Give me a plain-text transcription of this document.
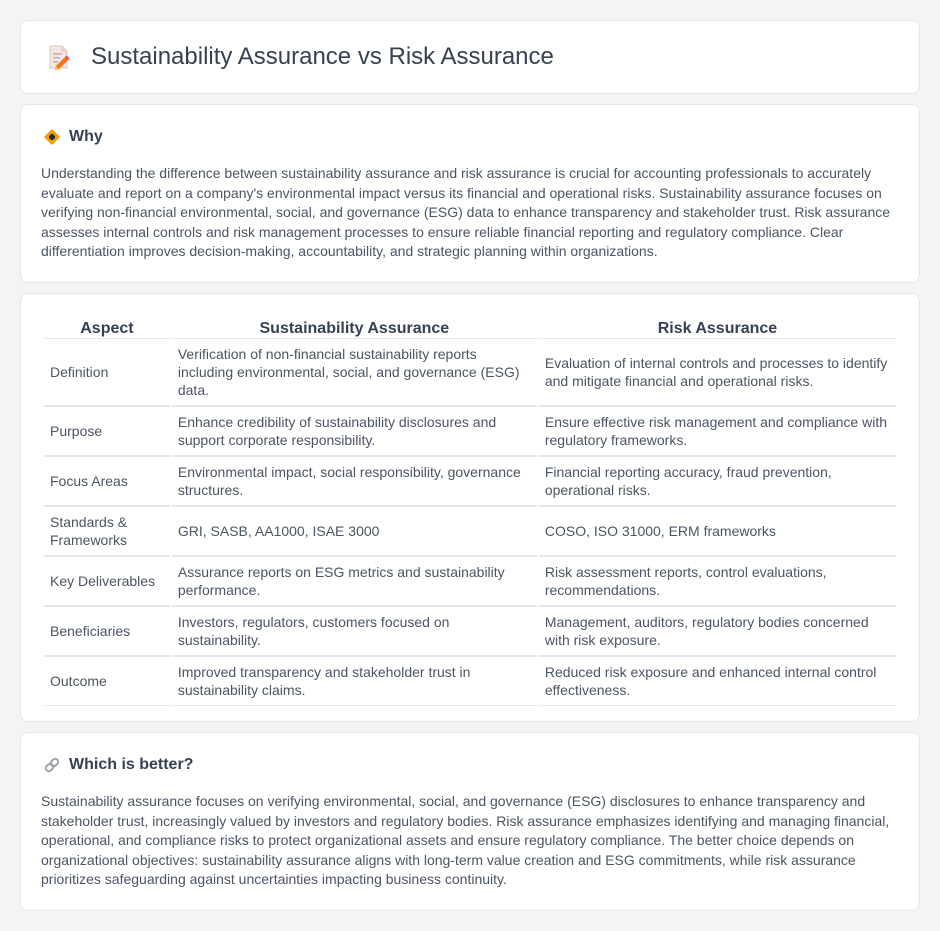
Sustainability Assurance vs Risk Assurance
Why

Understanding the difference between sustainability assurance and risk assurance is crucial for accounting professionals to accurately evaluate and report on a company's environmental impact versus its financial and operational risks. Sustainability assurance focuses on verifying non-financial environmental, social, and governance (ESG) data to enhance transparency and stakeholder trust. Risk assurance assesses internal controls and risk management processes to ensure reliable financial reporting and regulatory compliance. Clear differentiation improves decision-making, accountability, and strategic planning within organizations.

Aspect	Sustainability Assurance	Risk Assurance
Definition	Verification of non-financial sustainability reports including environmental, social, and governance (ESG) data.	Evaluation of internal controls and processes to identify and mitigate financial and operational risks.
Purpose	Enhance credibility of sustainability disclosures and support corporate responsibility.	Ensure effective risk management and compliance with regulatory frameworks.
Focus Areas	Environmental impact, social responsibility, governance structures.	Financial reporting accuracy, fraud prevention, operational risks.
Standards & Frameworks	GRI, SASB, AA1000, ISAE 3000	COSO, ISO 31000, ERM frameworks
Key Deliverables	Assurance reports on ESG metrics and sustainability performance.	Risk assessment reports, control evaluations, recommendations.
Beneficiaries	Investors, regulators, customers focused on sustainability.	Management, auditors, regulatory bodies concerned with risk exposure.
Outcome	Improved transparency and stakeholder trust in sustainability claims.	Reduced risk exposure and enhanced internal control effectiveness.
Which is better?

Sustainability assurance focuses on verifying environmental, social, and governance (ESG) disclosures to enhance transparency and stakeholder trust, increasingly valued by investors and regulatory bodies. Risk assurance emphasizes identifying and managing financial, operational, and compliance risks to protect organizational assets and ensure regulatory compliance. The better choice depends on organizational objectives: sustainability assurance aligns with long-term value creation and ESG commitments, while risk assurance prioritizes safeguarding against uncertainties impacting business continuity.
